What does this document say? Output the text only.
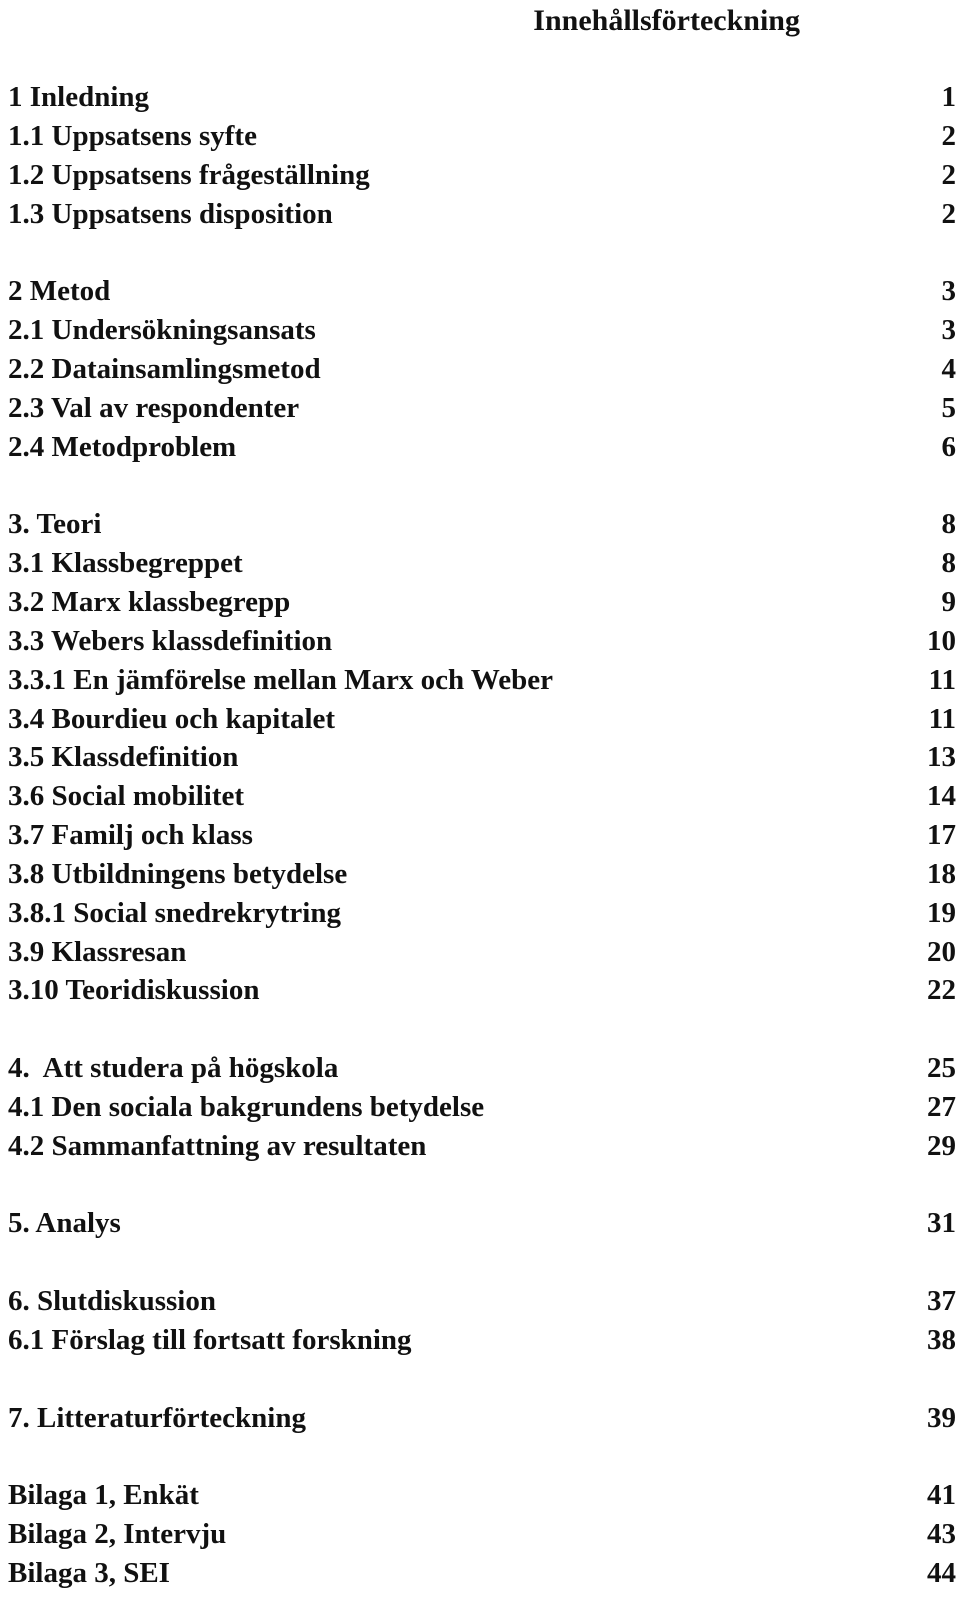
Innehållsförteckning
1 Inledning	1
1.1 Uppsatsens syfte	2
1.2 Uppsatsens frågeställning	2
1.3 Uppsatsens disposition	2
2 Metod	3
2.1 Undersökningsansats	3
2.2 Datainsamlingsmetod	4
2.3 Val av respondenter	5
2.4 Metodproblem	6
3. Teori	8
3.1 Klassbegreppet	8
3.2 Marx klassbegrepp	9
3.3 Webers klassdefinition	10
3.3.1 En jämförelse mellan Marx och Weber	11
3.4 Bourdieu och kapitalet	11
3.5 Klassdefinition	13
3.6 Social mobilitet	14
3.7 Familj och klass	17
3.8 Utbildningens betydelse	18
3.8.1 Social snedrekrytring	19
3.9 Klassresan	20
3.10 Teoridiskussion	22
4.  Att studera på högskola	25
4.1 Den sociala bakgrundens betydelse	27
4.2 Sammanfattning av resultaten	29
5. Analys	31
6. Slutdiskussion	37
6.1 Förslag till fortsatt forskning	38
7. Litteraturförteckning	39
Bilaga 1, Enkät	41
Bilaga 2, Intervju	43
Bilaga 3, SEI	44
